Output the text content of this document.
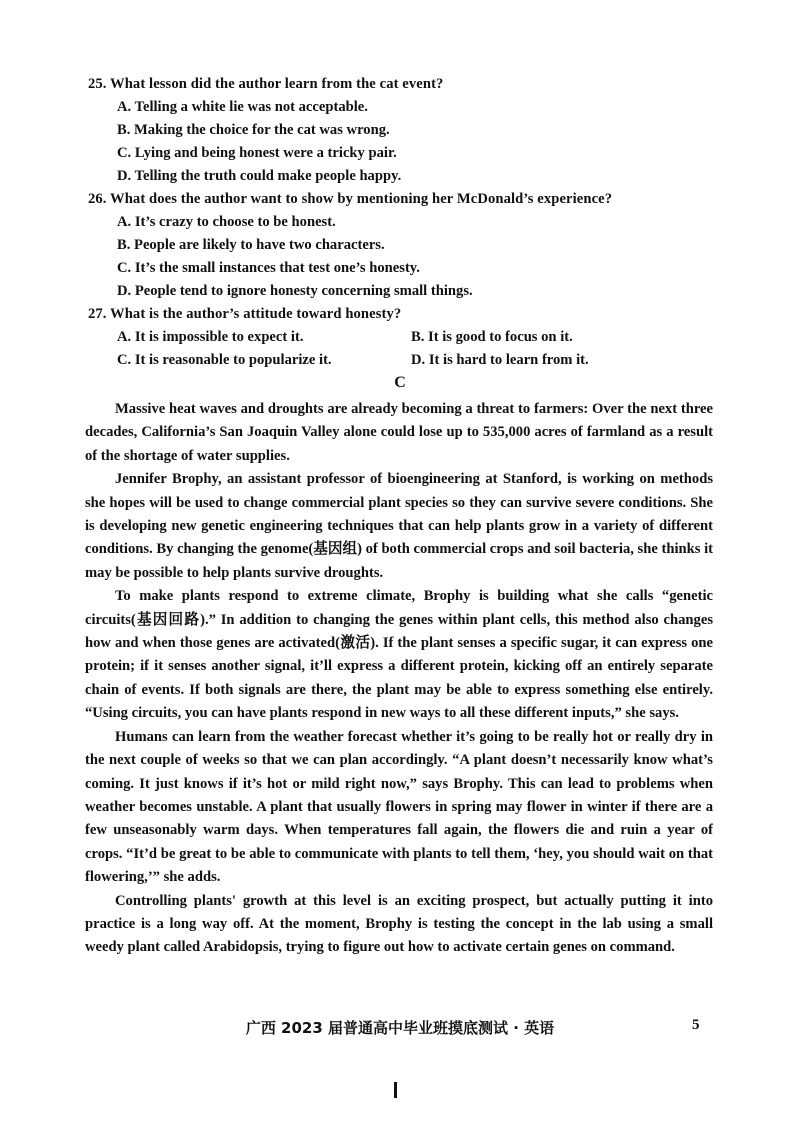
25. What lesson did the author learn from the cat event?
A. Telling a white lie was not acceptable.
B. Making the choice for the cat was wrong.
C. Lying and being honest were a tricky pair.
D. Telling the truth could make people happy.
26. What does the author want to show by mentioning her McDonald’s experience?
A. It’s crazy to choose to be honest.
B. People are likely to have two characters.
C. It’s the small instances that test one’s honesty.
D. People tend to ignore honesty concerning small things.
27. What is the author’s attitude toward honesty?
A. It is impossible to expect it.	B. It is good to focus on it.
C. It is reasonable to popularize it.	D. It is hard to learn from it.
C

Massive heat waves and droughts are already becoming a threat to farmers: Over the next three decades, California’s San Joaquin Valley alone could lose up to 535,000 acres of farmland as a result of the shortage of water supplies.

Jennifer Brophy, an assistant professor of bioengineering at Stanford, is working on methods she hopes will be used to change commercial plant species so they can survive severe conditions. She is developing new genetic engineering techniques that can help plants grow in a variety of different conditions. By changing the genome(基因组) of both commercial crops and soil bacteria, she thinks it may be possible to help plants survive droughts.

To make plants respond to extreme climate, Brophy is building what she calls “genetic circuits(基因回路).” In addition to changing the genes within plant cells, this method also changes how and when those genes are activated(激活). If the plant senses a specific sugar, it can express one protein; if it senses another signal, it’ll express a different protein, kicking off an entirely separate chain of events. If both signals are there, the plant may be able to express something else entirely. “Using circuits, you can have plants respond in new ways to all these different inputs,” she says.

Humans can learn from the weather forecast whether it’s going to be really hot or really dry in the next couple of weeks so that we can plan accordingly. “A plant doesn’t necessarily know what’s coming. It just knows if it’s hot or mild right now,” says Brophy. This can lead to problems when weather becomes unstable. A plant that usually flowers in spring may flower in winter if there are a few unseasonably warm days. When temperatures fall again, the flowers die and ruin a year of crops. “It’d be great to be able to communicate with plants to tell them, ‘hey, you should wait on that flowering,’” she adds.

Controlling plants' growth at this level is an exciting prospect, but actually putting it into practice is a long way off. At the moment, Brophy is testing the concept in the lab using a small weedy plant called Arabidopsis, trying to figure out how to activate certain genes on command.

广西 2023 届普通高中毕业班摸底测试 · 英语	5
